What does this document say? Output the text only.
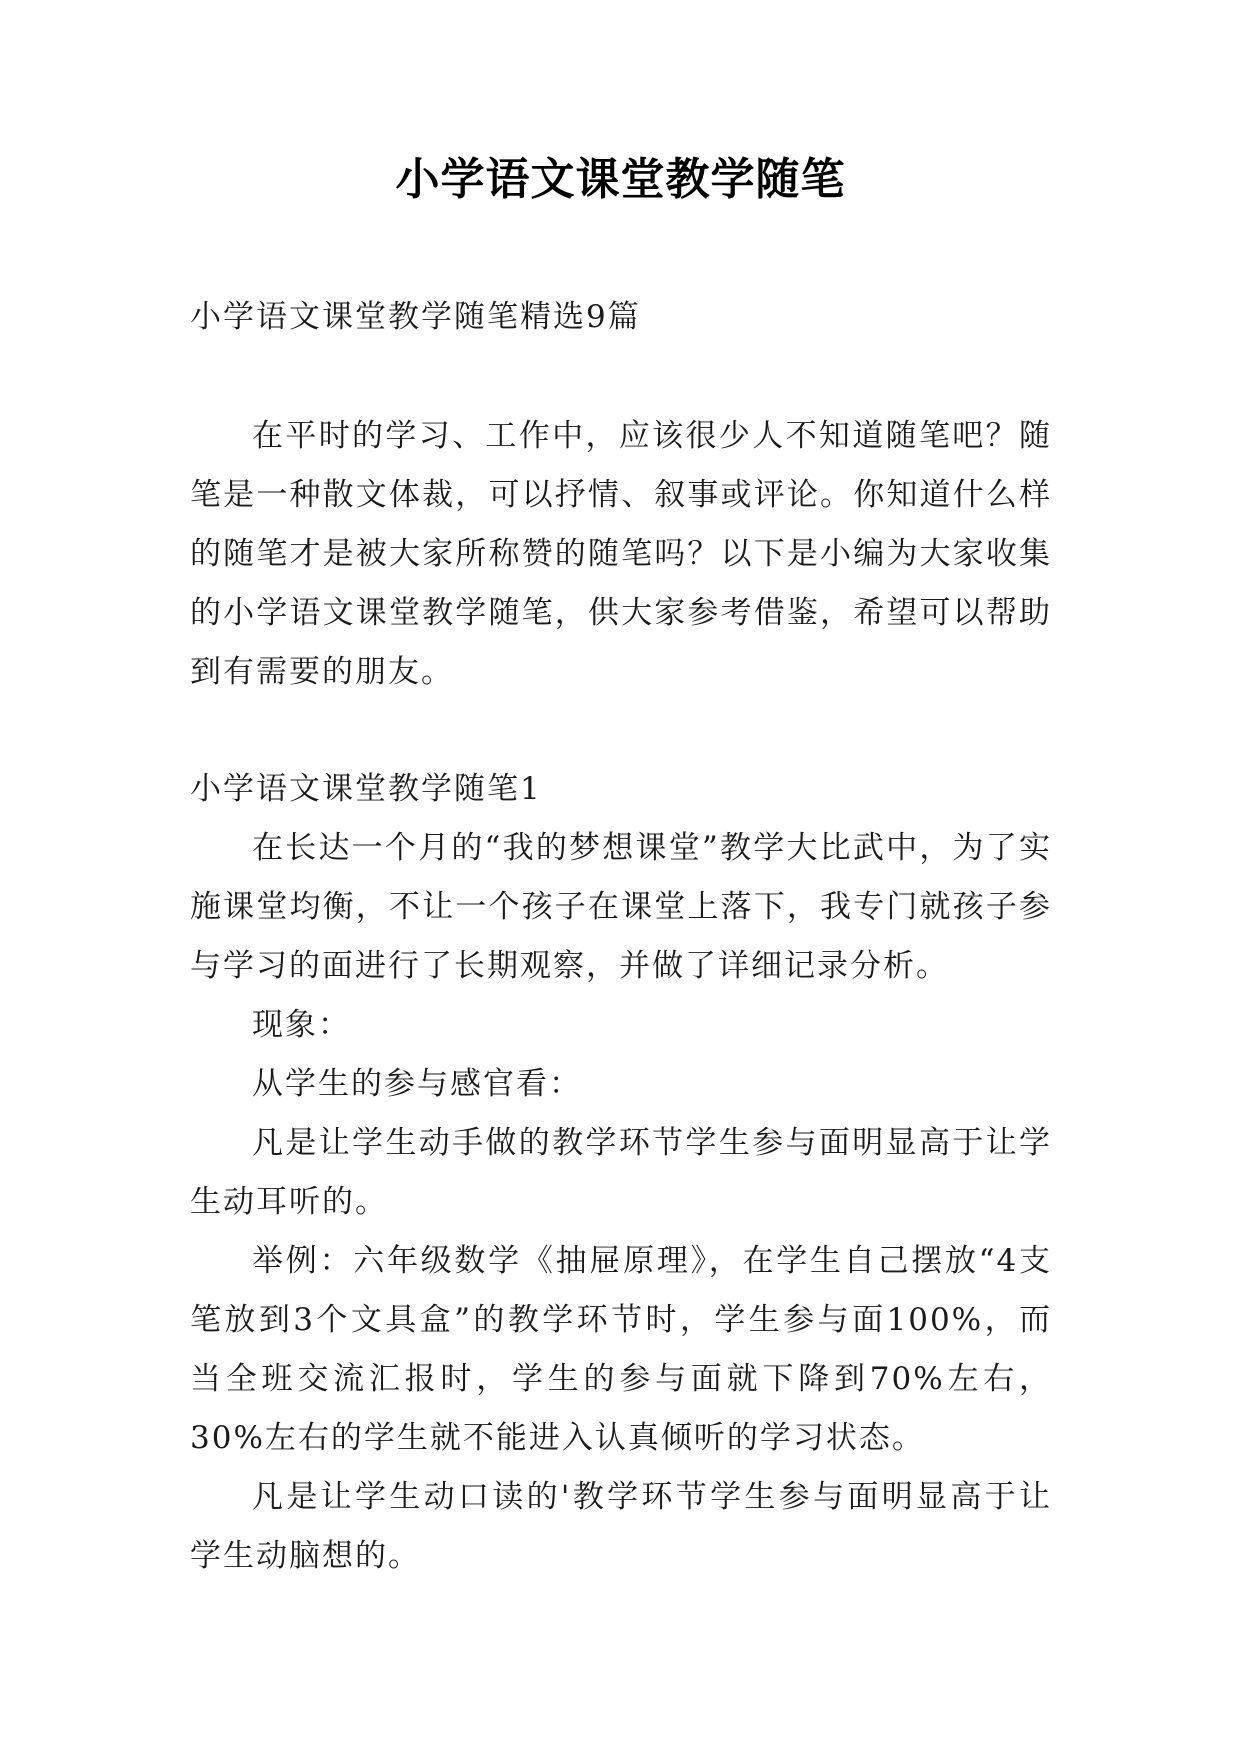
小学语文课堂教学随笔

小学语文课堂教学随笔精选9篇

在平时的学习、工作中，应该很少人不知道随笔吧？随笔是一种散文体裁，可以抒情、叙事或评论。你知道什么样的随笔才是被大家所称赞的随笔吗？以下是小编为大家收集的小学语文课堂教学随笔，供大家参考借鉴，希望可以帮助到有需要的朋友。

小学语文课堂教学随笔1

在长达一个月的“我的梦想课堂”教学大比武中，为了实施课堂均衡，不让一个孩子在课堂上落下，我专门就孩子参与学习的面进行了长期观察，并做了详细记录分析。

现象：

从学生的参与感官看：

凡是让学生动手做的教学环节学生参与面明显高于让学生动耳听的。

举例：六年级数学《抽屉原理》，在学生自己摆放“4支笔放到3个文具盒”的教学环节时，学生参与面100%，而当全班交流汇报时，学生的参与面就下降到70%左右，30%左右的学生就不能进入认真倾听的学习状态。

凡是让学生动口读的'教学环节学生参与面明显高于让学生动脑想的。
